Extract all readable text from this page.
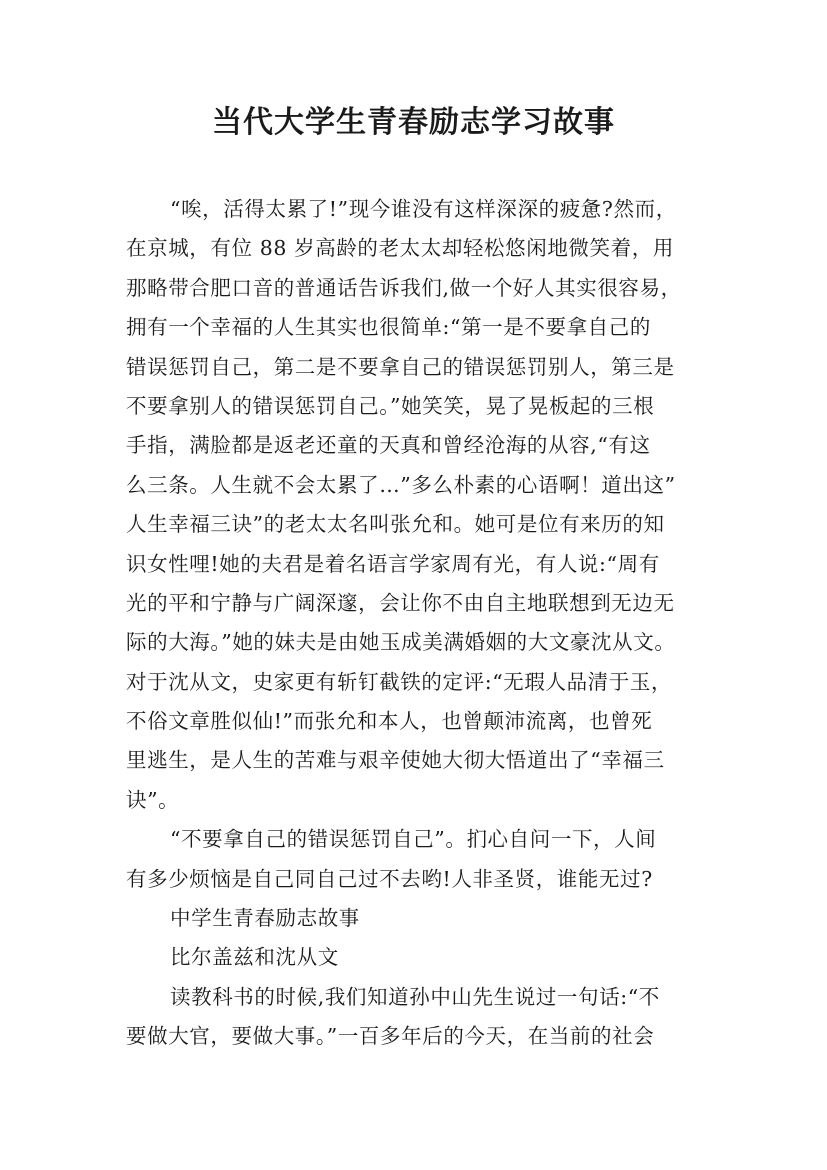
当代大学生青春励志学习故事
“唉，活得太累了!”现今谁没有这样深深的疲惫?然而，
在京城，有位 88 岁高龄的老太太却轻松悠闲地微笑着，用
那略带合肥口音的普通话告诉我们,做一个好人其实很容易，
拥有一个幸福的人生其实也很简单:“第一是不要拿自己的
错误惩罚自己，第二是不要拿自己的错误惩罚别人，第三是
不要拿别人的错误惩罚自己。”她笑笑，晃了晃板起的三根
手指，满脸都是返老还童的天真和曾经沧海的从容,“有这
么三条。人生就不会太累了…”多么朴素的心语啊！道出这”
人生幸福三诀”的老太太名叫张允和。她可是位有来历的知
识女性哩!她的夫君是着名语言学家周有光，有人说:“周有
光的平和宁静与广阔深邃，会让你不由自主地联想到无边无
际的大海。”她的妹夫是由她玉成美满婚姻的大文豪沈从文。
对于沈从文，史家更有斩钉截铁的定评:“无瑕人品清于玉，
不俗文章胜似仙!”而张允和本人，也曾颠沛流离，也曾死
里逃生，是人生的苦难与艰辛使她大彻大悟道出了“幸福三
诀”。
“不要拿自己的错误惩罚自己”。扪心自问一下，人间
有多少烦恼是自己同自己过不去哟!人非圣贤，谁能无过?
中学生青春励志故事
比尔盖兹和沈从文
读教科书的时候,我们知道孙中山先生说过一句话:“不
要做大官，要做大事。”一百多年后的今天，在当前的社会
